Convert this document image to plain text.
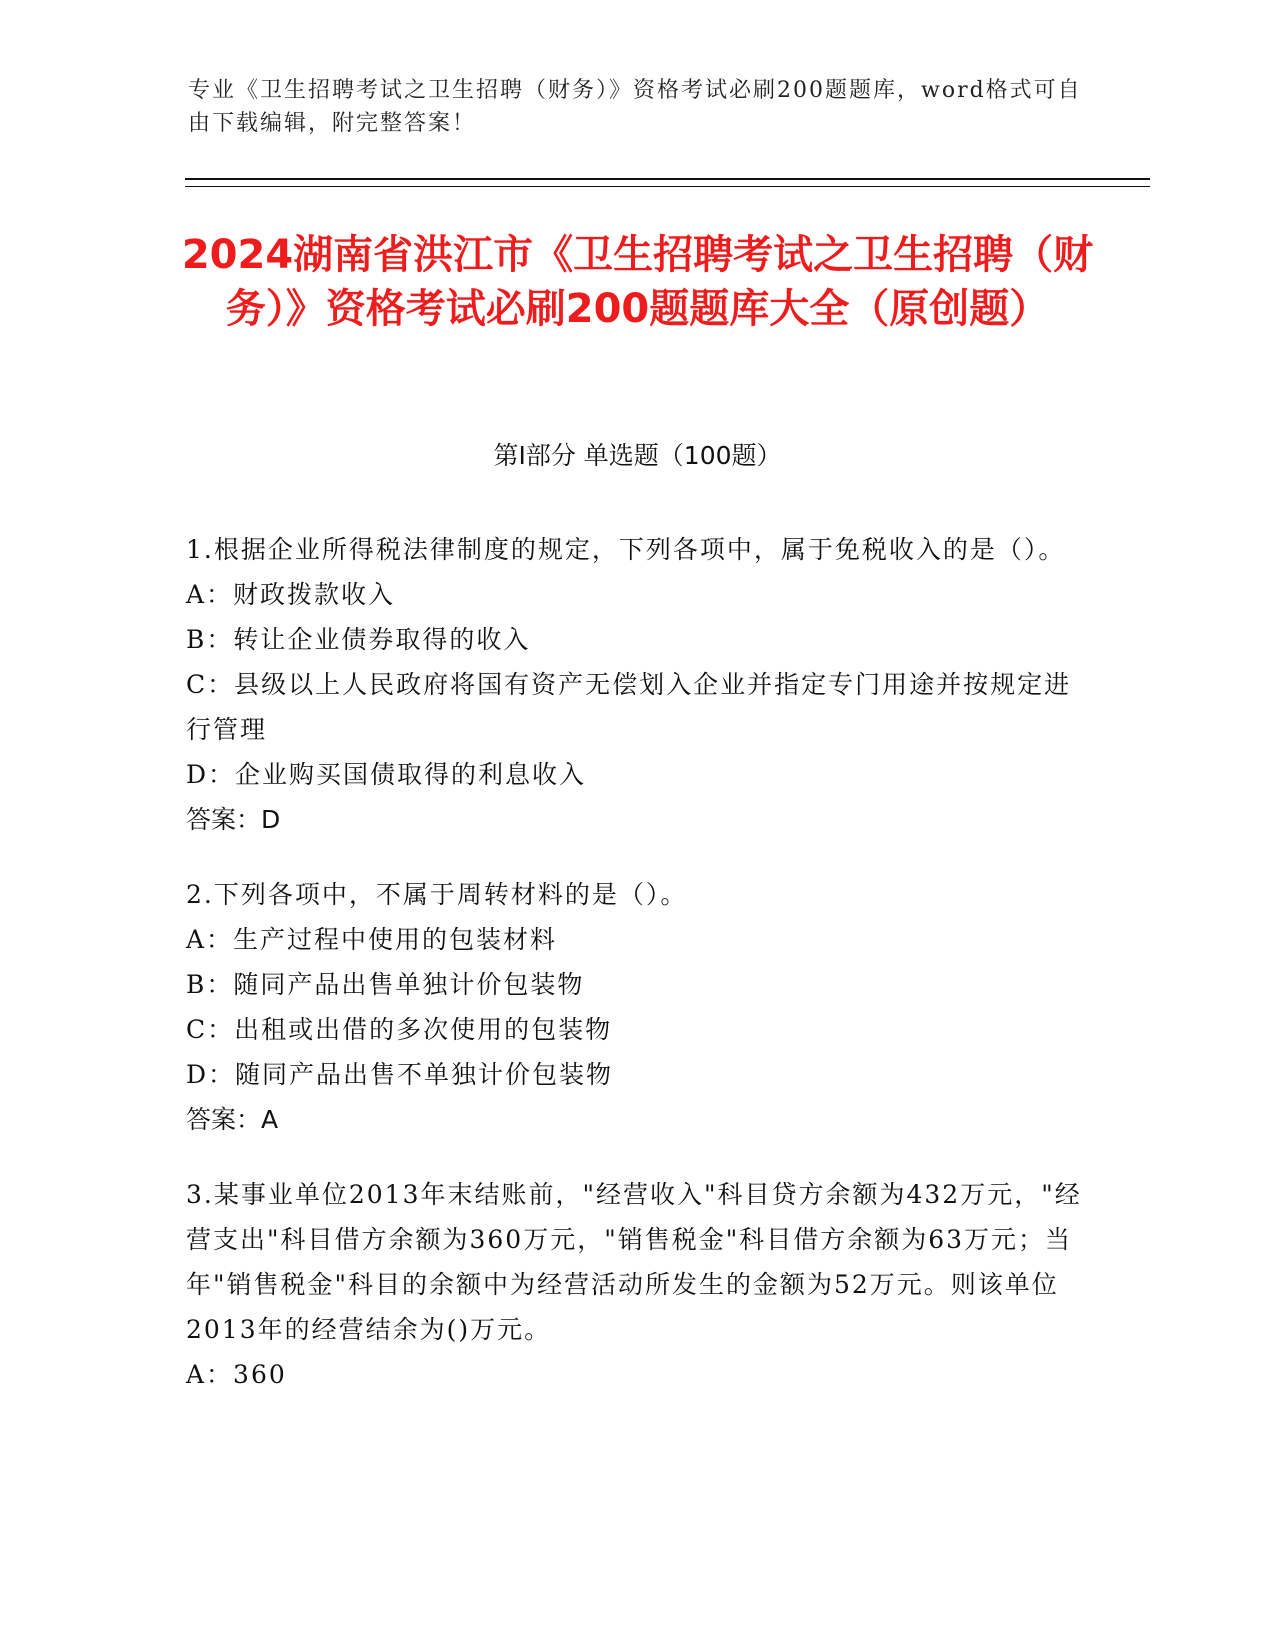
专业《卫生招聘考试之卫生招聘（财务）》资格考试必刷200题题库，word格式可自由下载编辑，附完整答案！
2024湖南省洪江市《卫生招聘考试之卫生招聘（财务）》资格考试必刷200题题库大全（原创题）
第I部分 单选题（100题）
1.根据企业所得税法律制度的规定，下列各项中，属于免税收入的是（）。
A：财政拨款收入
B：转让企业债券取得的收入
C：县级以上人民政府将国有资产无偿划入企业并指定专门用途并按规定进行管理
D：企业购买国债取得的利息收入
答案：D
2.下列各项中，不属于周转材料的是（）。
A：生产过程中使用的包装材料
B：随同产品出售单独计价包装物
C：出租或出借的多次使用的包装物
D：随同产品出售不单独计价包装物
答案：A
3.某事业单位2013年末结账前，"经营收入"科目贷方余额为432万元，"经营支出"科目借方余额为360万元，"销售税金"科目借方余额为63万元；当年"销售税金"科目的余额中为经营活动所发生的金额为52万元。则该单位2013年的经营结余为()万元。
A：360
